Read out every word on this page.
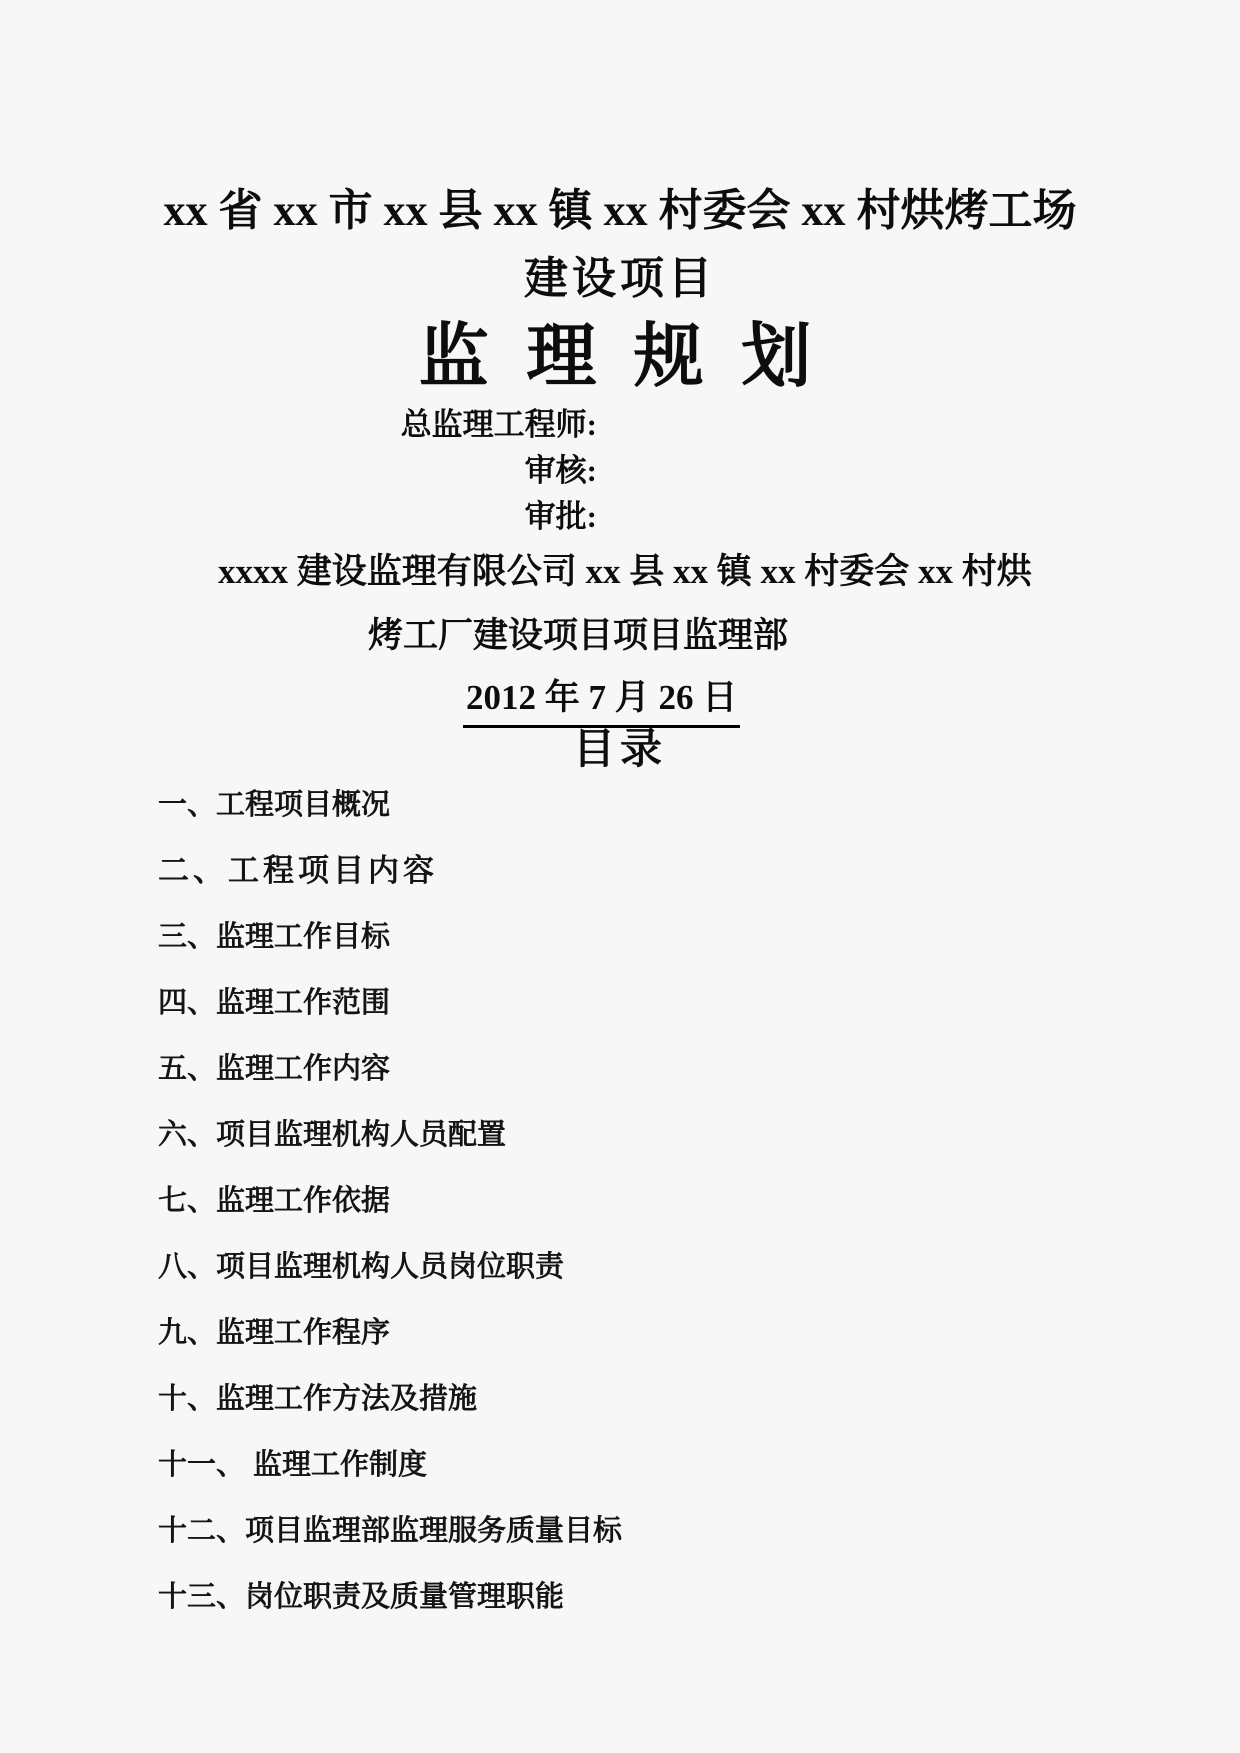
xx 省 xx 市 xx 县 xx 镇 xx 村委会 xx 村烘烤工场
建设项目
监 理 规 划
总监理工程师:
审核:
审批:
xxxx 建设监理有限公司 xx 县 xx 镇 xx 村委会 xx 村烘
烤工厂建设项目项目监理部
2012 年 7 月 26 日
目录
一、工程项目概况
二、工程项目内容
三、监理工作目标
四、监理工作范围
五、监理工作内容
六、项目监理机构人员配置
七、监理工作依据
八、项目监理机构人员岗位职责
九、监理工作程序
十、监理工作方法及措施
十一、 监理工作制度
十二、项目监理部监理服务质量目标
十三、岗位职责及质量管理职能
